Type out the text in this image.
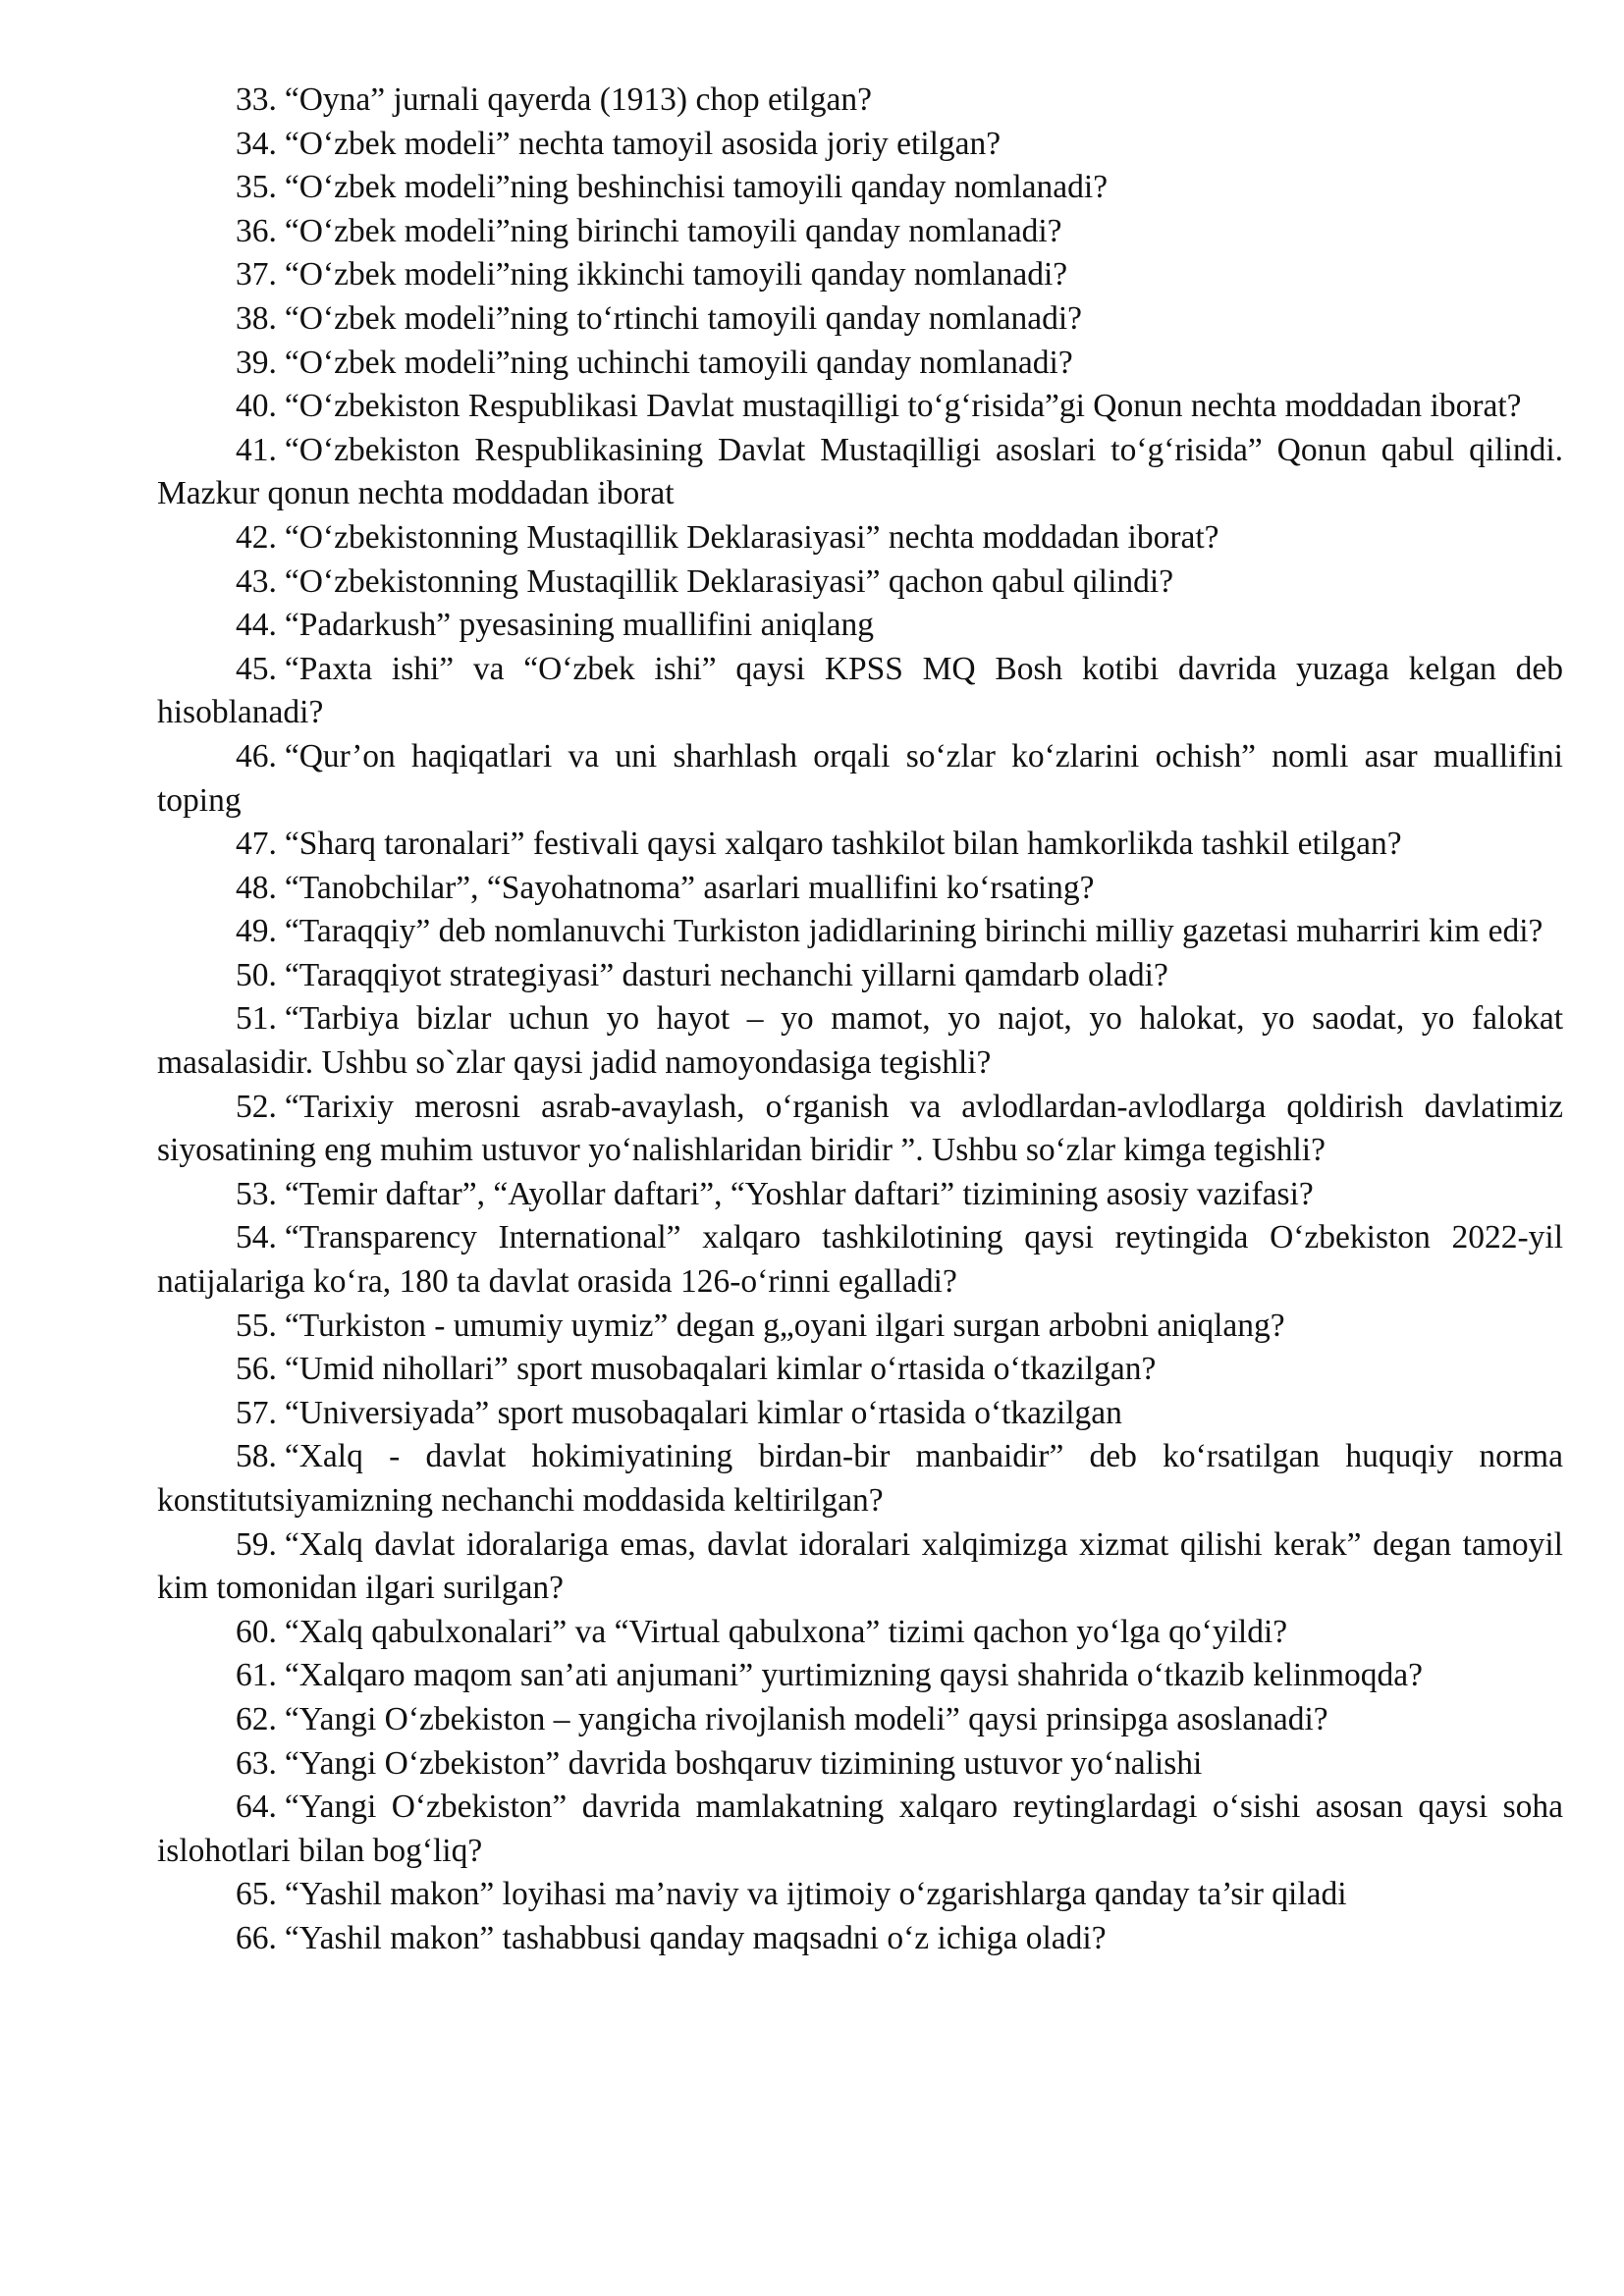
33. “Oyna” jurnali qayerda (1913) chop etilgan?

34. “O‘zbek modeli” nechta tamoyil asosida joriy etilgan?

35. “O‘zbek modeli”ning beshinchisi tamoyili qanday nomlanadi?

36. “O‘zbek modeli”ning birinchi tamoyili qanday nomlanadi?

37. “O‘zbek modeli”ning ikkinchi tamoyili qanday nomlanadi?

38. “O‘zbek modeli”ning to‘rtinchi tamoyili qanday nomlanadi?

39. “O‘zbek modeli”ning uchinchi tamoyili qanday nomlanadi?

40. “O‘zbekiston Respublikasi Davlat mustaqilligi to‘g‘risida”gi Qonun nechta moddadan iborat?

41. “O‘zbekiston Respublikasining Davlat Mustaqilligi asoslari to‘g‘risida” Qonun qabul qilindi. Mazkur qonun nechta moddadan iborat

42. “O‘zbekistonning Mustaqillik Deklarasiyasi” nechta moddadan iborat?

43. “O‘zbekistonning Mustaqillik Deklarasiyasi” qachon qabul qilindi?

44. “Padarkush” pyesasining muallifini aniqlang

45. “Paxta ishi” va “O‘zbek ishi” qaysi KPSS MQ Bosh kotibi davrida yuzaga kelgan deb hisoblanadi?

46. “Qur’on haqiqatlari va uni sharhlash orqali so‘zlar ko‘zlarini ochish” nomli asar muallifini toping

47. “Sharq taronalari” festivali qaysi xalqaro tashkilot bilan hamkorlikda tashkil etilgan?

48. “Tanobchilar”, “Sayohatnoma” asarlari muallifini ko‘rsating?

49. “Taraqqiy” deb nomlanuvchi Turkiston jadidlarining birinchi milliy gazetasi muharriri kim edi?

50. “Taraqqiyot strategiyasi” dasturi nechanchi yillarni qamdarb oladi?

51. “Tarbiya bizlar uchun yo hayot – yo mamot, yo najot, yo halokat, yo saodat, yo falokat masalasidir. Ushbu so`zlar qaysi jadid namoyondasiga tegishli?

52. “Tarixiy merosni asrab-avaylash, o‘rganish va avlodlardan-avlodlarga qoldirish davlatimiz siyosatining eng muhim ustuvor yo‘nalishlaridan biridir ”. Ushbu so‘zlar kimga tegishli?

53. “Temir daftar”, “Ayollar daftari”, “Yoshlar daftari” tizimining asosiy vazifasi?

54. “Transparency International” xalqaro tashkilotining qaysi reytingida O‘zbekiston 2022-yil natijalariga ko‘ra, 180 ta davlat orasida 126-o‘rinni egalladi?

55. “Turkiston - umumiy uymiz” degan g„oyani ilgari surgan arbobni aniqlang?

56. “Umid nihollari” sport musobaqalari kimlar o‘rtasida o‘tkazilgan?

57. “Universiyada” sport musobaqalari kimlar o‘rtasida o‘tkazilgan

58. “Xalq - davlat hokimiyatining birdan-bir manbaidir” deb ko‘rsatilgan huquqiy norma konstitutsiyamizning nechanchi moddasida keltirilgan?

59. “Xalq davlat idoralariga emas, davlat idoralari xalqimizga xizmat qilishi kerak” degan tamoyil kim tomonidan ilgari surilgan?

60. “Xalq qabulxonalari” va “Virtual qabulxona” tizimi qachon yo‘lga qo‘yildi?

61. “Xalqaro maqom san’ati anjumani” yurtimizning qaysi shahrida o‘tkazib kelinmoqda?

62. “Yangi O‘zbekiston – yangicha rivojlanish modeli” qaysi prinsipga asoslanadi?

63. “Yangi O‘zbekiston” davrida boshqaruv tizimining ustuvor yo‘nalishi

64. “Yangi O‘zbekiston” davrida mamlakatning xalqaro reytinglardagi o‘sishi asosan qaysi soha islohotlari bilan bog‘liq?

65. “Yashil makon” loyihasi ma’naviy va ijtimoiy o‘zgarishlarga qanday ta’sir qiladi

66. “Yashil makon” tashabbusi qanday maqsadni o‘z ichiga oladi?
